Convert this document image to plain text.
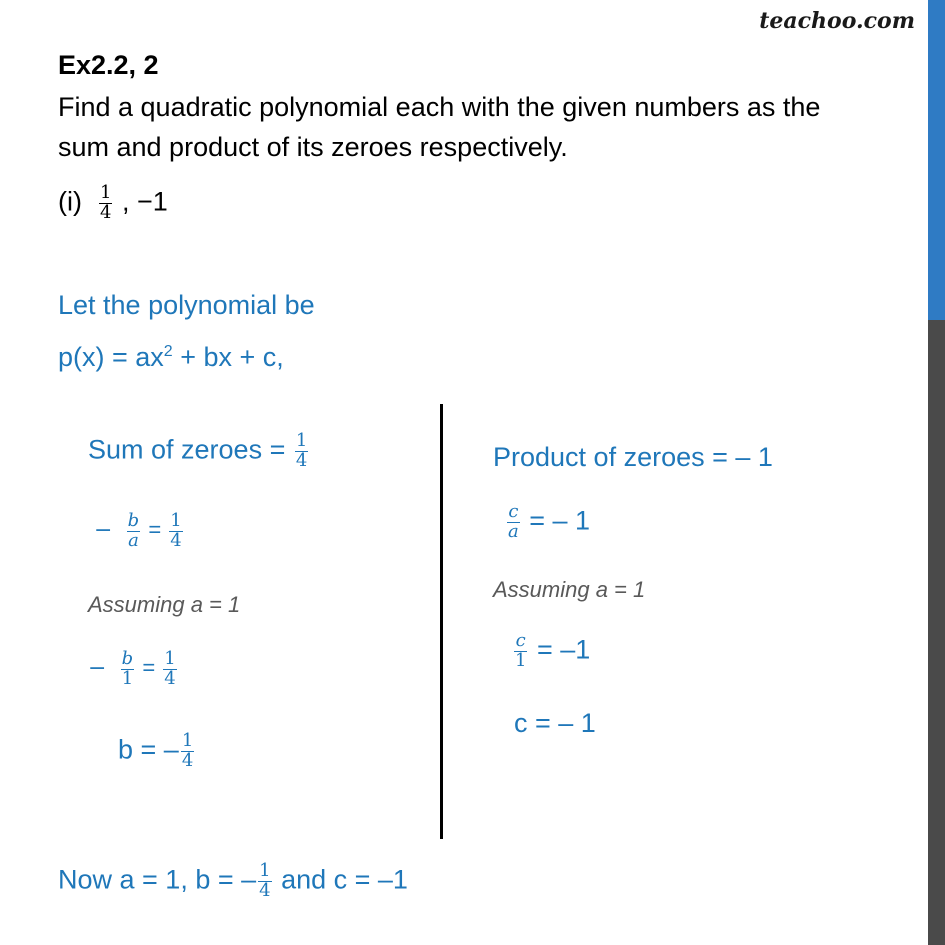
teachoo.com
Ex2.2, 2
Find a quadratic polynomial each with the given numbers as the
sum and product of its zeroes respectively.
$(i) \frac{1}{4}$ , −1
Let the polynomial be
$p(x) = ax^2$ + bx + c,
Sum of zeroes = $\frac{1}{4}$
− $\frac{b}{a} = \frac{1}{4}$
Assuming a = 1
− $\frac{b}{1} = \frac{1}{4}$
b = – $\frac{1}{4}$
Product of zeroes = – 1
$\frac{c}{a}$ = – 1
Assuming a = 1
$\frac{c}{1} = -1$
c = – 1
Now a = 1, b = – $\frac{1}{4}$ and c = –1
